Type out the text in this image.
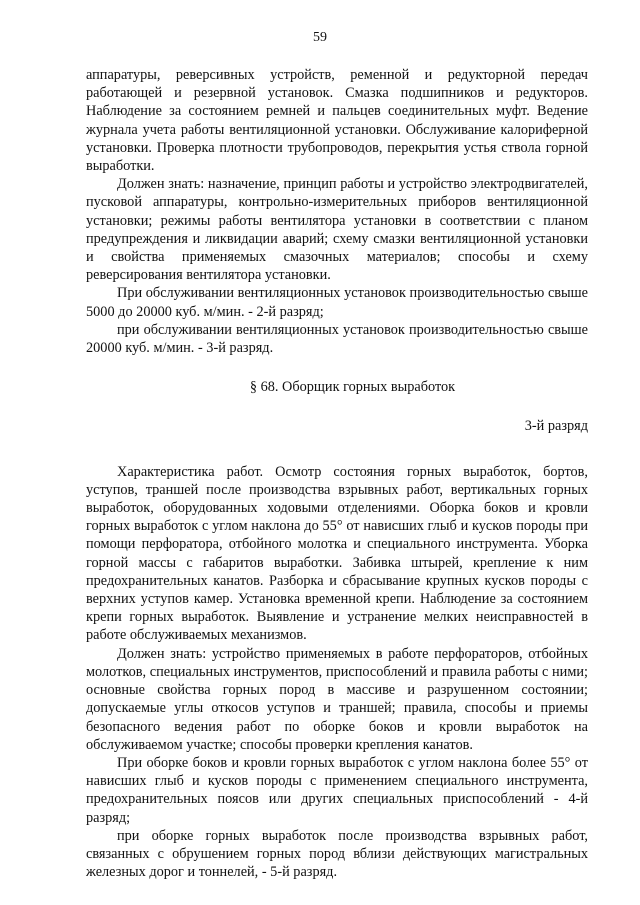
59

аппаратуры, реверсивных устройств, ременной и редукторной передач работающей и резервной установок. Смазка подшипников и редукторов. Наблюдение за состоянием ремней и пальцев соединительных муфт. Ведение журнала учета работы вентиляционной установки. Обслуживание калориферной установки. Проверка плотности трубопроводов, перекрытия устья ствола горной выработки.

Должен знать: назначение, принцип работы и устройство электродвигателей, пусковой аппаратуры, контрольно-измерительных приборов вентиляционной установки; режимы работы вентилятора установки в соответствии с планом предупреждения и ликвидации аварий; схему смазки вентиляционной установки и свойства применяемых смазочных материалов; способы и схему реверсирования вентилятора установки.

При обслуживании вентиляционных установок производительностью свыше 5000 до 20000 куб. м/мин. - 2-й разряд;

при обслуживании вентиляционных установок производительностью свыше 20000 куб. м/мин. - 3-й разряд.

§ 68. Оборщик горных выработок

3-й разряд

Характеристика работ. Осмотр состояния горных выработок, бортов, уступов, траншей после производства взрывных работ, вертикальных горных выработок, оборудованных ходовыми отделениями. Оборка боков и кровли горных выработок с углом наклона до 55° от нависших глыб и кусков породы при помощи перфоратора, отбойного молотка и специального инструмента. Уборка горной массы с габаритов выработки. Забивка штырей, крепление к ним предохранительных канатов. Разборка и сбрасывание крупных кусков породы с верхних уступов камер. Установка временной крепи. Наблюдение за состоянием крепи горных выработок. Выявление и устранение мелких неисправностей в работе обслуживаемых механизмов.

Должен знать: устройство применяемых в работе перфораторов, отбойных молотков, специальных инструментов, приспособлений и правила работы с ними; основные свойства горных пород в массиве и разрушенном состоянии; допускаемые углы откосов уступов и траншей; правила, способы и приемы безопасного ведения работ по оборке боков и кровли выработок на обслуживаемом участке; способы проверки крепления канатов.

При оборке боков и кровли горных выработок с углом наклона более 55° от нависших глыб и кусков породы с применением специального инструмента, предохранительных поясов или других специальных приспособлений - 4-й разряд;

при оборке горных выработок после производства взрывных работ, связанных с обрушением горных пород вблизи действующих магистральных железных дорог и тоннелей, - 5-й разряд.
